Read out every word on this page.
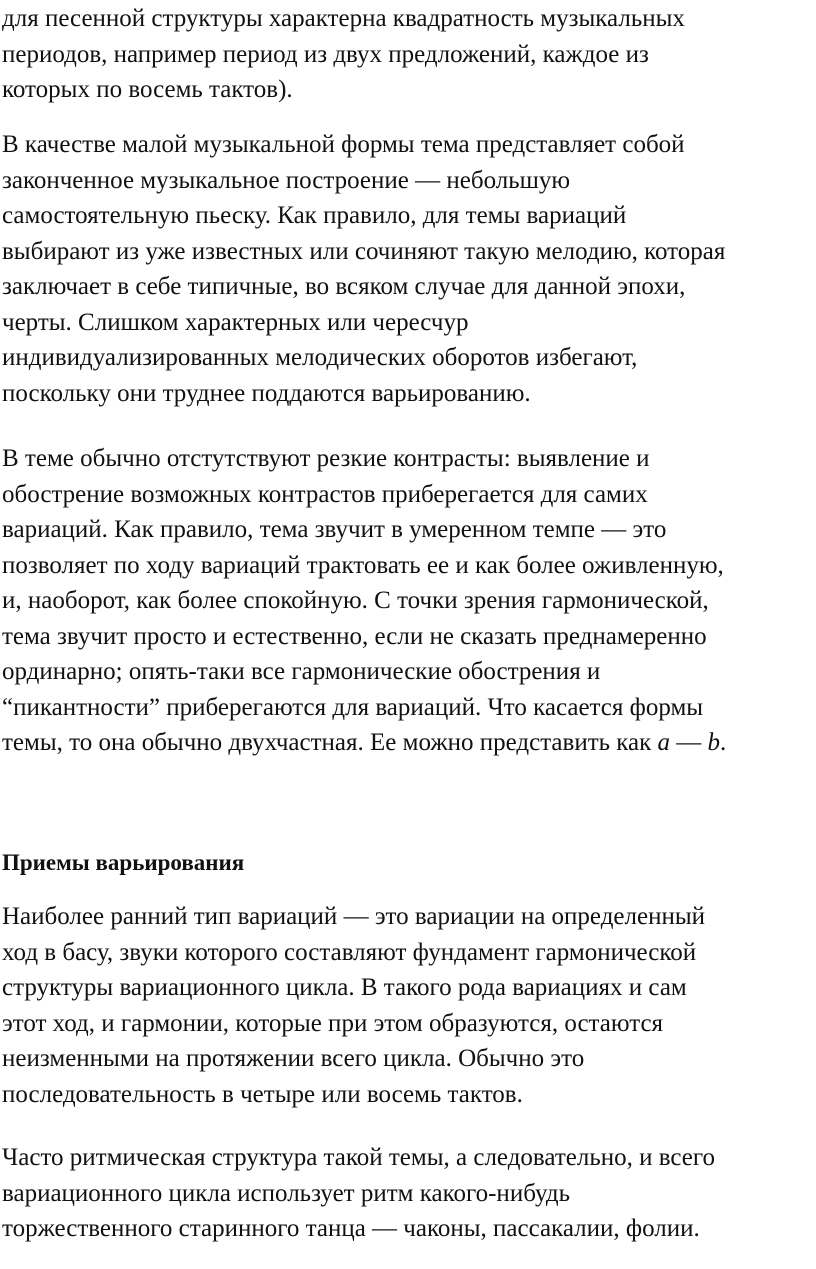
для песенной структуры характерна квадратность музыкальных
периодов, например период из двух предложений, каждое из
которых по восемь тактов).

В качестве малой музыкальной формы тема представляет собой
законченное музыкальное построение — небольшую
самостоятельную пьеску. Как правило, для темы вариаций
выбирают из уже известных или сочиняют такую мелодию, которая
заключает в себе типичные, во всяком случае для данной эпохи,
черты. Слишком характерных или чересчур
индивидуализированных мелодических оборотов избегают,
поскольку они труднее поддаются варьированию.

В теме обычно отстутствуют резкие контрасты: выявление и
обострение возможных контрастов приберегается для самих
вариаций. Как правило, тема звучит в умеренном темпе — это
позволяет по ходу вариаций трактовать ее и как более оживленную,
и, наоборот, как более спокойную. С точки зрения гармонической,
тема звучит просто и естественно, если не сказать преднамеренно
ординарно; опять-таки все гармонические обострения и
“пикантности” приберегаются для вариаций. Что касается формы
темы, то она обычно двухчастная. Ее можно представить как a — b.

Приемы варьирования

Наиболее ранний тип вариаций — это вариации на определенный
ход в басу, звуки которого составляют фундамент гармонической
структуры вариационного цикла. В такого рода вариациях и сам
этот ход, и гармонии, которые при этом образуются, остаются
неизменными на протяжении всего цикла. Обычно это
последовательность в четыре или восемь тактов.

Часто ритмическая структура такой темы, а следовательно, и всего
вариационного цикла использует ритм какого-нибудь
торжественного старинного танца — чаконы, пассакалии, фолии.
